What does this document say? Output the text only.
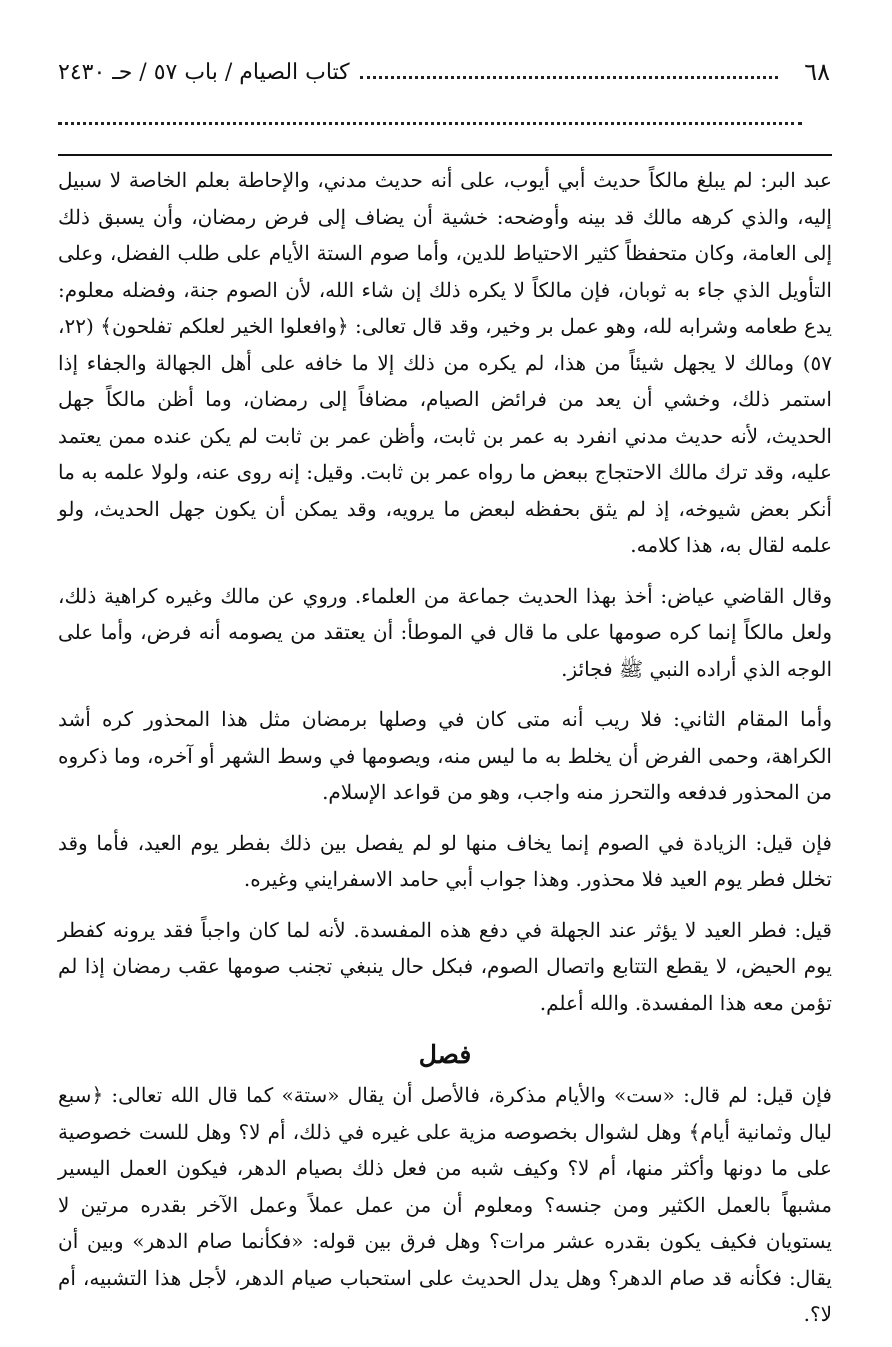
٦٨
كتاب الصيام / باب ٥٧ / حـ ٢٤٣٠

عبد البر: لم يبلغ مالكاً حديث أبي أيوب، على أنه حديث مدني، والإحاطة بعلم الخاصة لا سبيل إليه، والذي كرهه مالك قد بينه وأوضحه: خشية أن يضاف إلى فرض رمضان، وأن يسبق ذلك إلى العامة، وكان متحفظاً كثير الاحتياط للدين، وأما صوم الستة الأيام على طلب الفضل، وعلى التأويل الذي جاء به ثوبان، فإن مالكاً لا يكره ذلك إن شاء الله، لأن الصوم جنة، وفضله معلوم: يدع طعامه وشرابه لله، وهو عمل بر وخير، وقد قال تعالى: ﴿وافعلوا الخير لعلكم تفلحون﴾ (٢٢، ٥٧) ومالك لا يجهل شيئاً من هذا، لم يكره من ذلك إلا ما خافه على أهل الجهالة والجفاء إذا استمر ذلك، وخشي أن يعد من فرائض الصيام، مضافاً إلى رمضان، وما أظن مالكاً جهل الحديث، لأنه حديث مدني انفرد به عمر بن ثابت، وأظن عمر بن ثابت لم يكن عنده ممن يعتمد عليه، وقد ترك مالك الاحتجاج ببعض ما رواه عمر بن ثابت. وقيل: إنه روى عنه، ولولا علمه به ما أنكر بعض شيوخه، إذ لم يثق بحفظه لبعض ما يرويه، وقد يمكن أن يكون جهل الحديث، ولو علمه لقال به، هذا كلامه.

وقال القاضي عياض: أخذ بهذا الحديث جماعة من العلماء. وروي عن مالك وغيره كراهية ذلك، ولعل مالكاً إنما كره صومها على ما قال في الموطأ: أن يعتقد من يصومه أنه فرض، وأما على الوجه الذي أراده النبي ﷺ فجائز.

وأما المقام الثاني: فلا ريب أنه متى كان في وصلها برمضان مثل هذا المحذور كره أشد الكراهة، وحمى الفرض أن يخلط به ما ليس منه، ويصومها في وسط الشهر أو آخره، وما ذكروه من المحذور فدفعه والتحرز منه واجب، وهو من قواعد الإسلام.

فإن قيل: الزيادة في الصوم إنما يخاف منها لو لم يفصل بين ذلك بفطر يوم العيد، فأما وقد تخلل فطر يوم العيد فلا محذور. وهذا جواب أبي حامد الاسفرايني وغيره.

قيل: فطر العيد لا يؤثر عند الجهلة في دفع هذه المفسدة. لأنه لما كان واجباً فقد يرونه كفطر يوم الحيض، لا يقطع التتابع واتصال الصوم، فبكل حال ينبغي تجنب صومها عقب رمضان إذا لم تؤمن معه هذا المفسدة. والله أعلم.

فصل

فإن قيل: لم قال: «ست» والأيام مذكرة، فالأصل أن يقال «ستة» كما قال الله تعالى: ﴿سبع ليال وثمانية أيام﴾ وهل لشوال بخصوصه مزية على غيره في ذلك، أم لا؟ وهل للست خصوصية على ما دونها وأكثر منها، أم لا؟ وكيف شبه من فعل ذلك بصيام الدهر، فيكون العمل اليسير مشبهاً بالعمل الكثير ومن جنسه؟ ومعلوم أن من عمل عملاً وعمل الآخر بقدره مرتين لا يستويان فكيف يكون بقدره عشر مرات؟ وهل فرق بين قوله: «فكأنما صام الدهر» وبين أن يقال: فكأنه قد صام الدهر؟ وهل يدل الحديث على استحباب صيام الدهر، لأجل هذا التشبيه، أم لا؟.
